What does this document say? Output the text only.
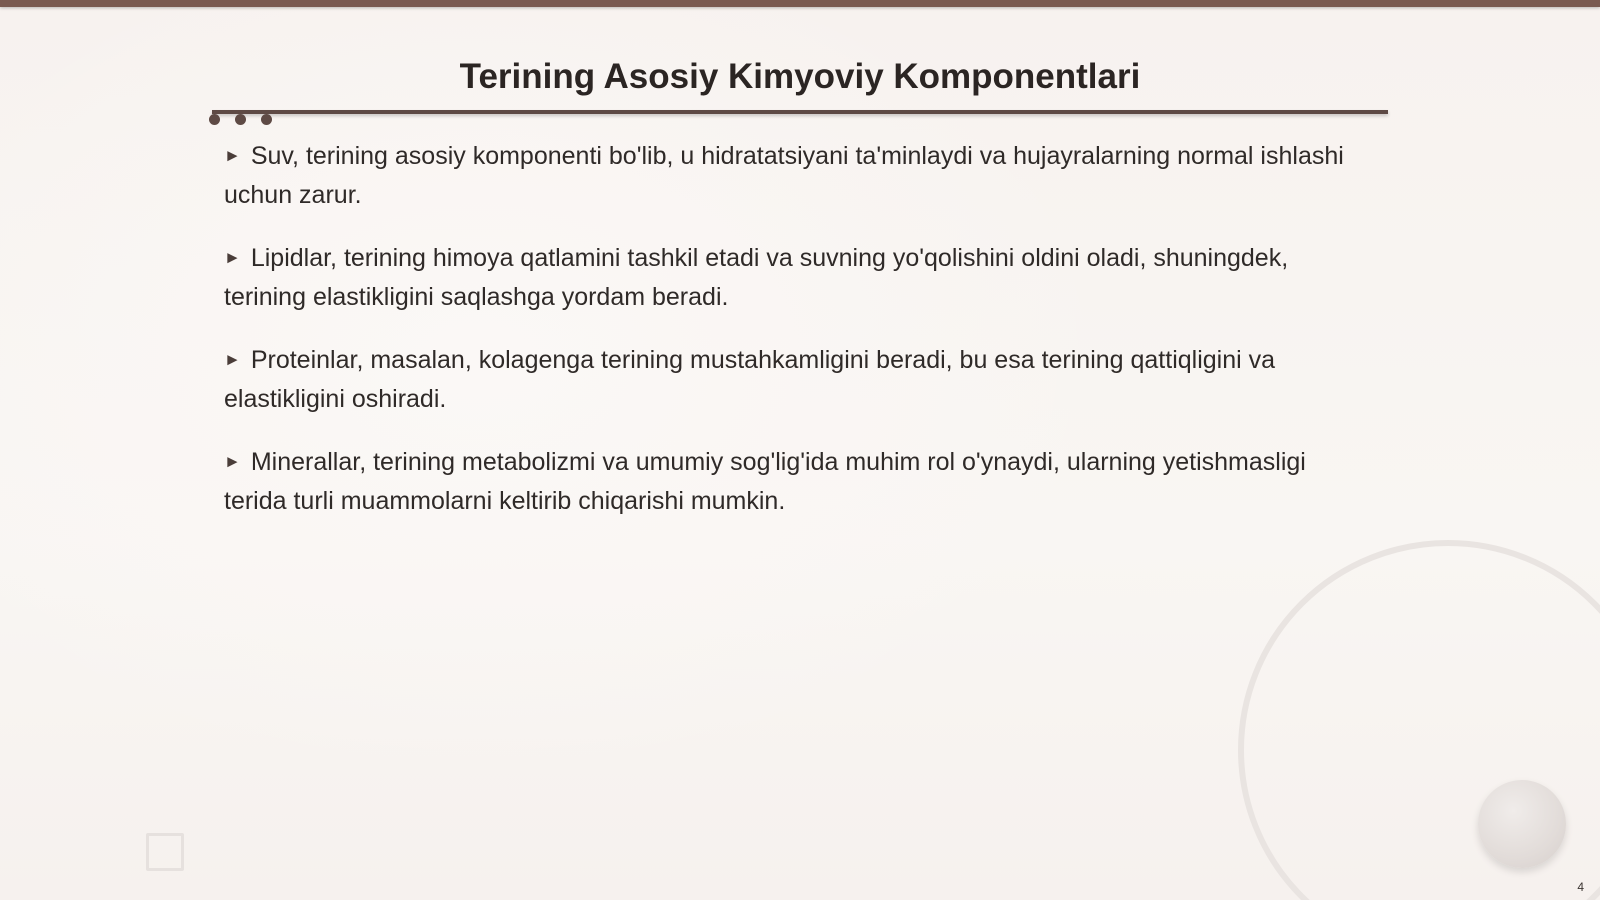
Terining Asosiy Kimyoviy Komponentlari

► Suv, terining asosiy komponenti bo'lib, u hidratatsiyani ta'minlaydi va hujayralarning normal ishlashi uchun zarur.

► Lipidlar, terining himoya qatlamini tashkil etadi va suvning yo'qolishini oldini oladi, shuningdek, terining elastikligini saqlashga yordam beradi.

► Proteinlar, masalan, kolagenga terining mustahkamligini beradi, bu esa terining qattiqligini va elastikligini oshiradi.

► Minerallar, terining metabolizmi va umumiy sog'lig'ida muhim rol o'ynaydi, ularning yetishmasligi terida turli muammolarni keltirib chiqarishi mumkin.

4
